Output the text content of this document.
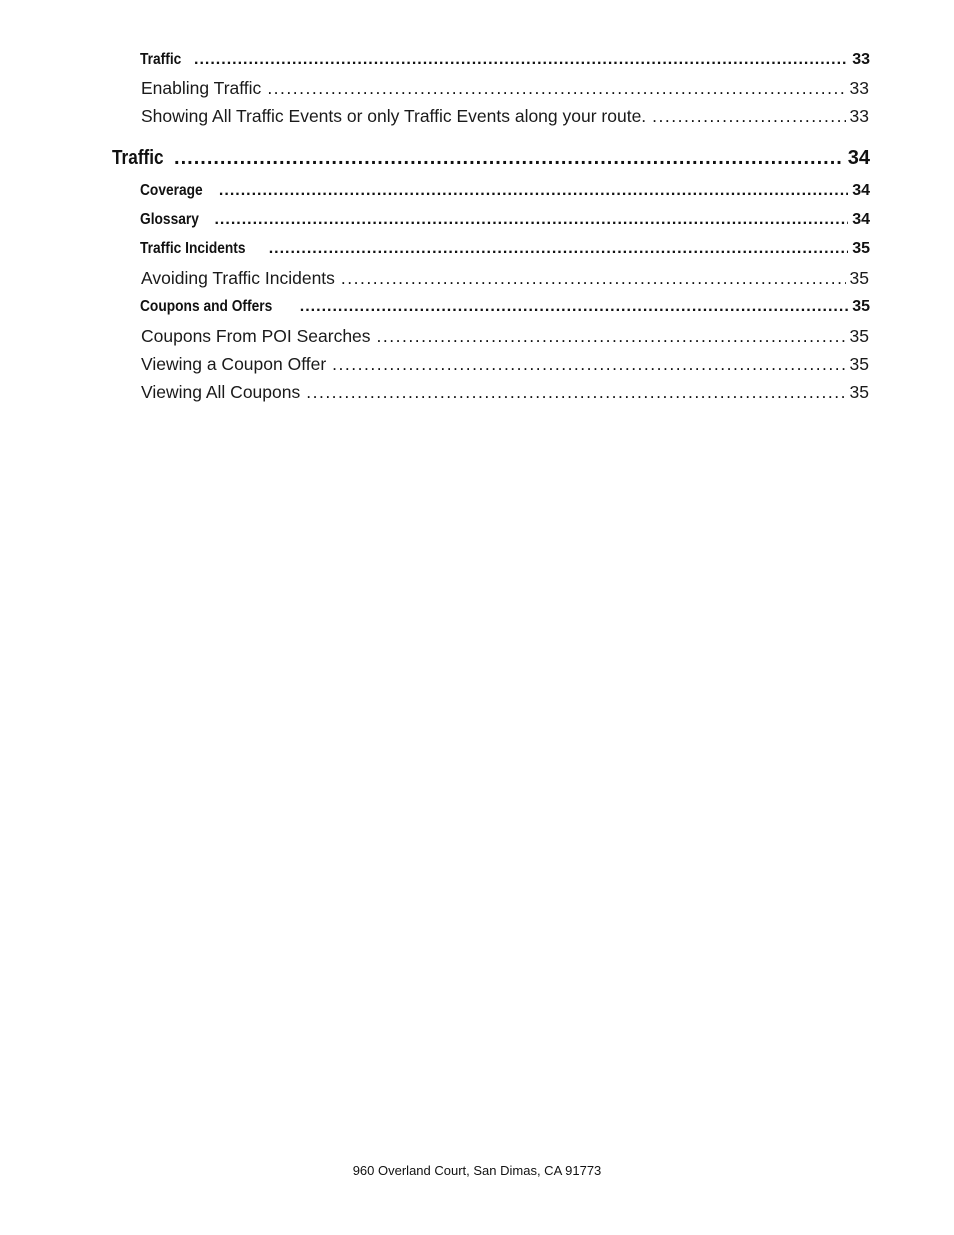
Traffic .....	33
Enabling Traffic .....	33
Showing All Traffic Events or only Traffic Events along your route. .....	33
Traffic .....	34
Coverage .....	34
Glossary .....	34
Traffic Incidents .....	35
Avoiding Traffic Incidents .....	35
Coupons and Offers .....	35
Coupons From POI Searches .....	35
Viewing a Coupon Offer .....	35
Viewing All Coupons .....	35
960 Overland Court, San Dimas, CA 91773
